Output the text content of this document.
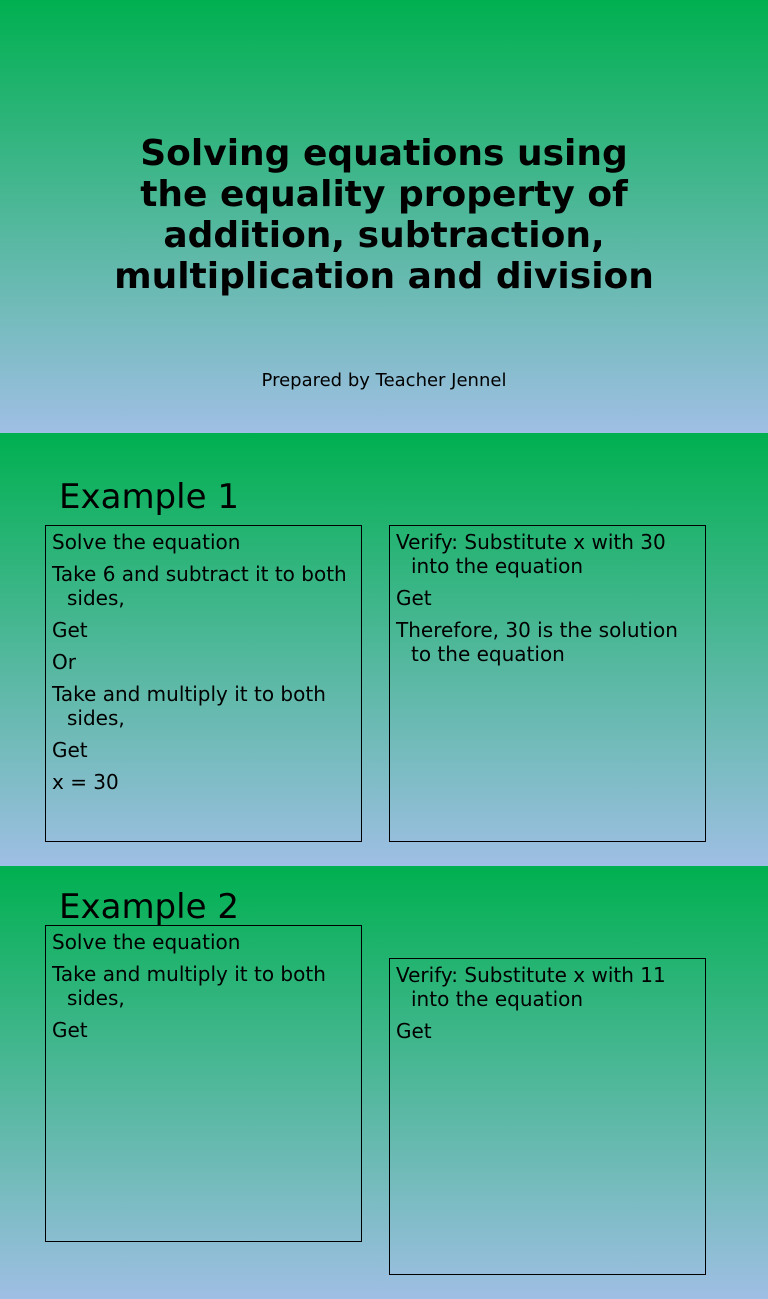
Solving equations using
the equality property of
addition, subtraction,
multiplication and division
Prepared by Teacher Jennel
Example 1

Solve the equation

Take 6 and subtract it to both sides,

Get

Or

Take and multiply it to both sides,

Get

x = 30

Verify: Substitute x with 30 into the equation

Get

Therefore, 30 is the solution to the equation

Example 2

Solve the equation

Take and multiply it to both sides,

Get

Verify: Substitute x with 11 into the equation

Get
